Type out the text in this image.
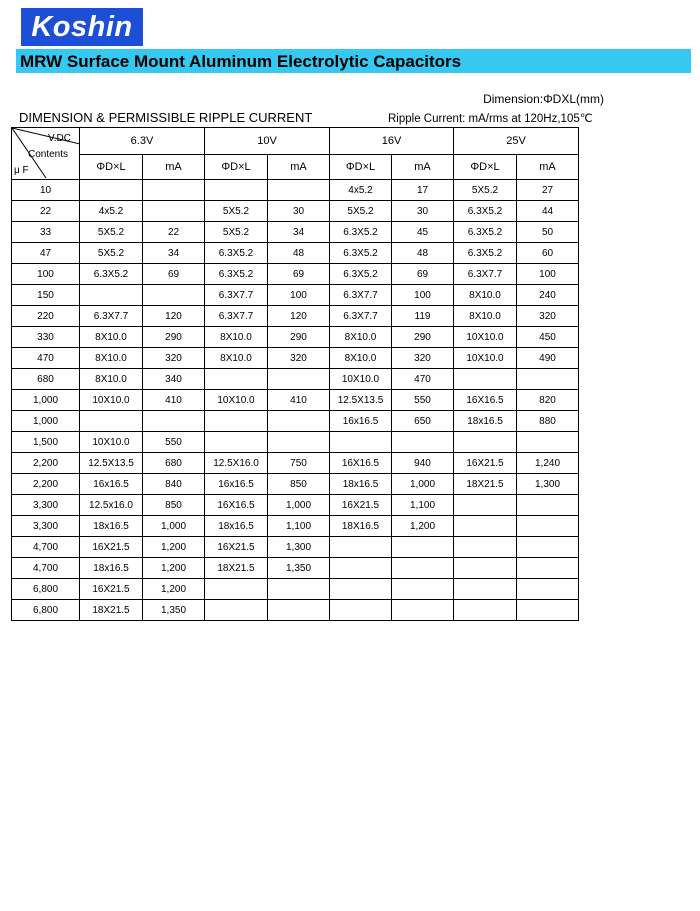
Koshin
MRW Surface Mount Aluminum Electrolytic Capacitors
Dimension:ΦDXL(mm)
DIMENSION & PERMISSIBLE RIPPLE CURRENT	Ripple Current: mA/rms at 120Hz,105℃
V.DC
Contents
μ F	6.3V		10V		16V		25V	
	ΦD×L	mA	ΦD×L	mA	ΦD×L	mA	ΦD×L	mA
10					4x5.2	17	5X5.2	27
22	4x5.2		5X5.2	30	5X5.2	30	6.3X5.2	44
33	5X5.2	22	5X5.2	34	6.3X5.2	45	6.3X5.2	50
47	5X5.2	34	6.3X5.2	48	6.3X5.2	48	6.3X5.2	60
100	6.3X5.2	69	6.3X5.2	69	6.3X5.2	69	6.3X7.7	100
150			6.3X7.7	100	6.3X7.7	100	8X10.0	240
220	6.3X7.7	120	6.3X7.7	120	6.3X7.7	119	8X10.0	320
330	8X10.0	290	8X10.0	290	8X10.0	290	10X10.0	450
470	8X10.0	320	8X10.0	320	8X10.0	320	10X10.0	490
680	8X10.0	340			10X10.0	470		
1,000	10X10.0	410	10X10.0	410	12.5X13.5	550	16X16.5	820
1,000					16x16.5	650	18x16.5	880
1,500	10X10.0	550						
2,200	12.5X13.5	680	12.5X16.0	750	16X16.5	940	16X21.5	1,240
2,200	16x16.5	840	16x16.5	850	18x16.5	1,000	18X21.5	1,300
3,300	12.5x16.0	850	16X16.5	1,000	16X21.5	1,100		
3,300	18x16.5	1,000	18x16.5	1,100	18X16.5	1,200		
4,700	16X21.5	1,200	16X21.5	1,300				
4,700	18x16.5	1,200	18X21.5	1,350				
6,800	16X21.5	1,200						
6,800	18X21.5	1,350						
